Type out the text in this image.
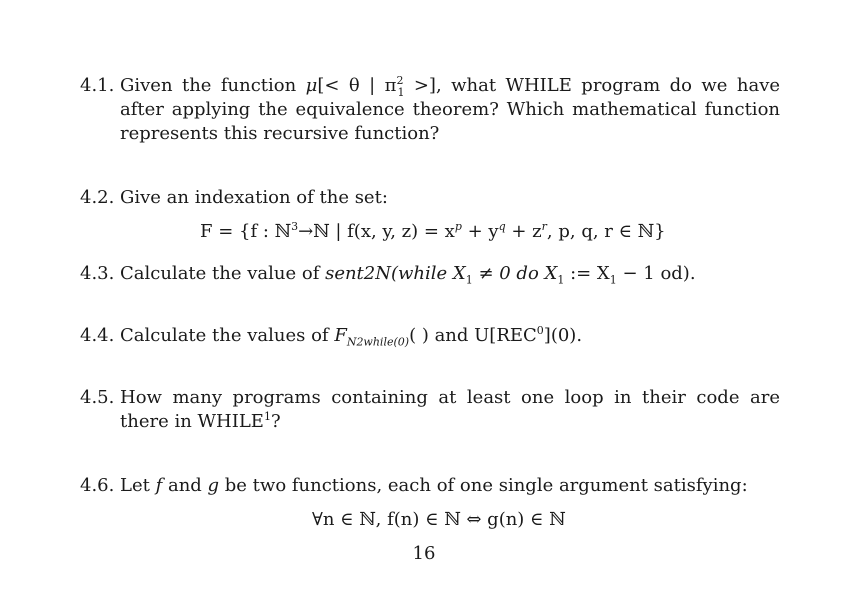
4.1. Given the function μ[< θ | $\pi^2_1$ >], what WHILE program do we have after applying the equivalence theorem? Which mathematical function represents this recursive function?
4.2. Give an indexation of the set:
F = {f : ℕ$^3$→ℕ | f(x, y, $z) = x^p + y^q + z^r$, p, q, r ∈ ℕ}
4.3. Calculate the value of sent2N(while $X_1 \ne 0$ do $X_1$ := $X_1 - 1$ od).
4.4. Calculate the values of $F_{N2while(0)}$( ) and U[REC$^0$](0).
4.5. How many programs containing at least one loop in their code are there in WHILE$^1$?
4.6. Let f and g be two functions, each of one single argument satisfying:
∀n ∈ ℕ, f(n) ∈ ℕ ⇔ g(n) ∈ ℕ
16
